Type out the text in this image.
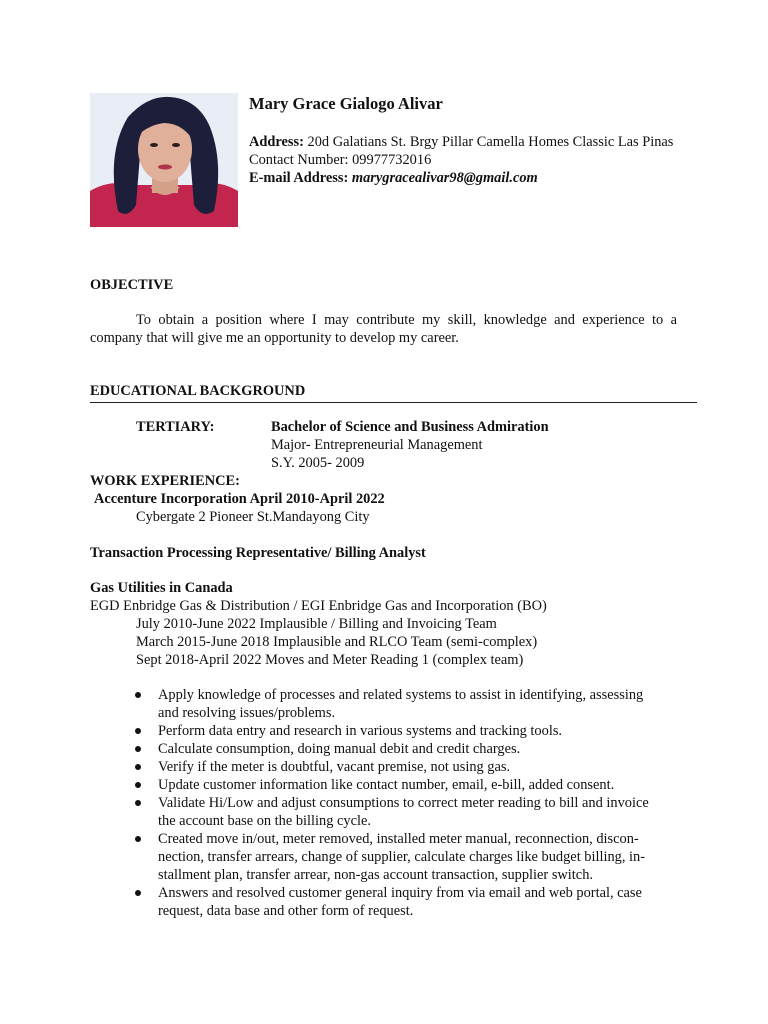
Mary Grace Gialogo Alivar

Address: 20d Galatians St. Brgy Pillar Camella Homes Classic Las Pinas

Contact Number: 09977732016

E-mail Address: marygracealivar98@gmail.com

OBJECTIVE
To obtain a position where I may contribute my skill, knowledge and experience to a company that will give me an opportunity to develop my career.
EDUCATIONAL BACKGROUND
TERTIARY:	Bachelor of Science and Business Admiration
Major- Entrepreneurial Management
S.Y. 2005- 2009
WORK EXPERIENCE:
Accenture Incorporation April 2010-April 2022
Cybergate 2 Pioneer St.Mandayong City
Transaction Processing Representative/ Billing Analyst
Gas Utilities in Canada
EGD Enbridge Gas & Distribution / EGI Enbridge Gas and Incorporation (BO)
July 2010-June 2022 Implausible / Billing and Invoicing Team
March 2015-June 2018 Implausible and RLCO Team (semi-complex)
Sept 2018-April 2022 Moves and Meter Reading 1 (complex team)
Apply knowledge of processes and related systems to assist in identifying, assessing
and resolving issues/problems.
Perform data entry and research in various systems and tracking tools.
Calculate consumption, doing manual debit and credit charges.
Verify if the meter is doubtful, vacant premise, not using gas.
Update customer information like contact number, email, e-bill, added consent.
Validate Hi/Low and adjust consumptions to correct meter reading to bill and invoice
the account base on the billing cycle.
Created move in/out, meter removed, installed meter manual, reconnection, discon-
nection, transfer arrears, change of supplier, calculate charges like budget billing, in-
stallment plan, transfer arrear, non-gas account transaction, supplier switch.
Answers and resolved customer general inquiry from via email and web portal, case
request, data base and other form of request.
